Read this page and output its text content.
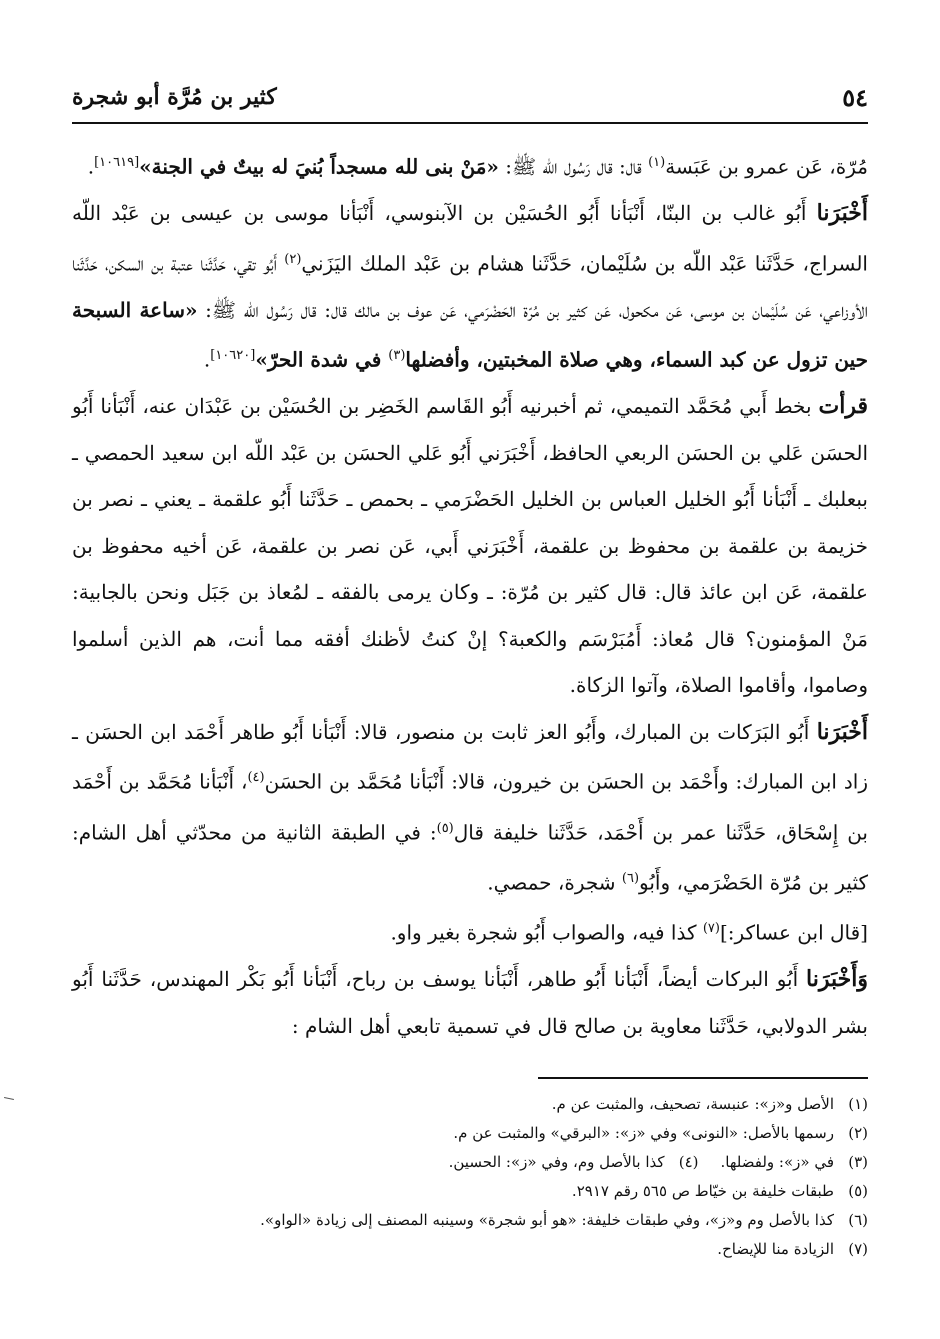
٥٤
كثير بن مُرَّة أبو شجرة

مُرّة، عَن عمرو بن عَبَسة$^{(١)}$ قال: قال رَسُول الله ﷺ: «مَنْ بنى لله مسجداً بُنيَ له بيتٌ في الجنة»[١٠٦١٩].

أَخْبَرَنا أَبُو غالب بن البنّا، أَنْبَأنا أَبُو الحُسَيْن بن الآبنوسي، أَنْبَأنا موسى بن عيسى بن عَبْد اللّه السراج، حَدَّثَنا عَبْد اللّه بن سُلَيْمان، حَدَّثَنا هشام بن عَبْد الملك اليَزَني$^{(٢)}$ أَبُو تقي، حَدَّثَنا عتبة بن السكن، حَدَّثَنا الأوزاعي، عَن سُلَيْمان بن موسى، عَن مكحول، عَن كثير بن مُرّة الحَضْرَمي، عَن عوف بن مالك قال: قال رَسُول الله ﷺ: «ساعة السبحة حين تزول عن كبد السماء، وهي صلاة المخبتين، وأفضلها$^{(٣)}$ في شدة الحرّ»[١٠٦٢٠].

قرأت بخط أَبي مُحَمَّد التميمي، ثم أخبرنيه أَبُو القَاسم الخَضِر بن الحُسَيْن بن عَبْدَان عنه، أَنْبَأنا أَبُو الحسَن عَلي بن الحسَن الربعي الحافظ، أَخْبَرَني أَبُو عَلي الحسَن بن عَبْد اللّه ابن سعيد الحمصي ـ ببعلبك ـ أَنْبَأنا أَبُو الخليل العباس بن الخليل الحَضْرَمي ـ بحمص ـ حَدَّثَنا أَبُو علقمة ـ يعني ـ نصر بن خزيمة بن علقمة بن محفوظ بن علقمة، أَخْبَرَني أَبي، عَن نصر بن علقمة، عَن أخيه محفوظ بن علقمة، عَن ابن عائذ قال: قال كثير بن مُرّة: ـ وكان يرمى بالفقه ـ لمُعاذ بن جَبَل ونحن بالجابية: مَنْ المؤمنون؟ قال مُعاذ: أَمُبَرْسَم والكعبة؟ إنْ كنتُ لأظنك أفقه مما أنت، هم الذين أسلموا وصاموا، وأقاموا الصلاة، وآتوا الزكاة.

أَخْبَرَنا أَبُو البَرَكات بن المبارك، وأَبُو العز ثابت بن منصور، قالا: أَنْبَأنا أَبُو طاهر أَحْمَد ابن الحسَن ـ زاد ابن المبارك: وأَحْمَد بن الحسَن بن خيرون، قالا: أَنْبَأنا مُحَمَّد بن الحسَن$^{(٤)}$، أَنْبَأنا مُحَمَّد بن أَحْمَد بن إِسْحَاق، حَدَّثَنا عمر بن أَحْمَد، حَدَّثَنا خليفة قال$^{(٥)}$: في الطبقة الثانية من محدّثي أهل الشام: كثير بن مُرّة الحَضْرَمي، وأَبُو$^{(٦)}$ شجرة، حمصي.

[قال ابن عساكر:]$^{(٧)}$ كذا فيه، والصواب أَبُو شجرة بغير واو.

وَأَخْبَرَنا أَبُو البركات أيضاً، أَنْبَأنا أَبُو طاهر، أَنْبَأنا يوسف بن رباح، أَنْبَأنا أَبُو بَكْر المهندس، حَدَّثَنا أَبُو بشر الدولابي، حَدَّثَنا معاوية بن صالح قال في تسمية تابعي أهل الشام :

(١)
الأصل و«ز»: عنبسة، تصحيف، والمثبت عن م.
(٢)
رسمها بالأصل: «النونى» وفي «ز»: «البرقي» والمثبت عن م.
(٣)
في «ز»: ولفضلها.
(٤)
كذا بالأصل وم، وفي «ز»: الحسين.
(٥)
طبقات خليفة بن خيّاط ص ٥٦٥ رقم ٢٩١٧.
(٦)
كذا بالأصل وم و«ز»، وفي طبقات خليفة: «هو أبو شجرة» وسينبه المصنف إلى زيادة «الواو».
(٧)
الزيادة منا للإيضاح.
